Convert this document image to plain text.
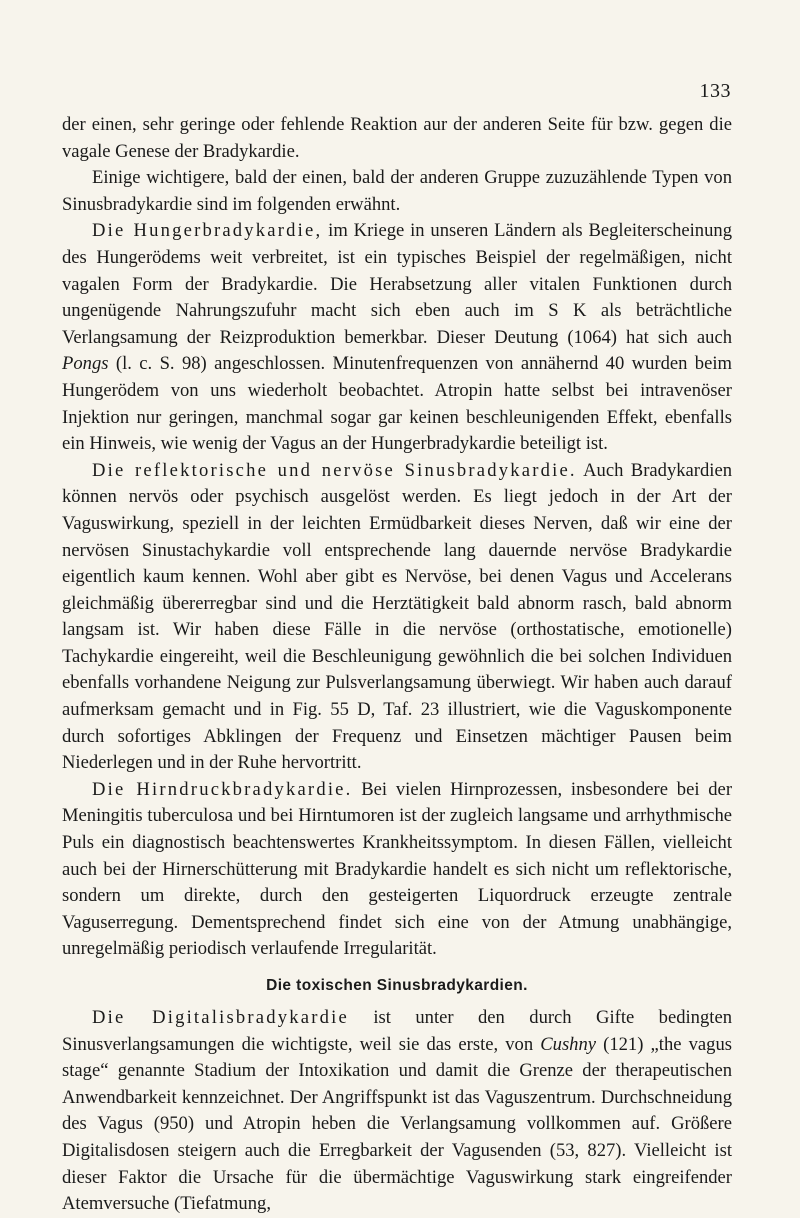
133

der einen, sehr geringe oder fehlende Reaktion aur der anderen Seite für bzw. gegen die vagale Genese der Bradykardie.

Einige wichtigere, bald der einen, bald der anderen Gruppe zuzuzählende Typen von Sinusbradykardie sind im folgenden erwähnt.

Die Hungerbradykardie, im Kriege in unseren Ländern als Begleiterscheinung des Hungerödems weit verbreitet, ist ein typisches Beispiel der regelmäßigen, nicht vagalen Form der Bradykardie. Die Herabsetzung aller vitalen Funktionen durch ungenügende Nahrungszufuhr macht sich eben auch im S K als beträchtliche Verlangsamung der Reizproduktion bemerkbar. Dieser Deutung (1064) hat sich auch Pongs (l. c. S. 98) angeschlossen. Minutenfrequenzen von annähernd 40 wurden beim Hungerödem von uns wiederholt beobachtet. Atropin hatte selbst bei intravenöser Injektion nur geringen, manchmal sogar gar keinen beschleunigenden Effekt, ebenfalls ein Hinweis, wie wenig der Vagus an der Hungerbradykardie beteiligt ist.

Die reflektorische und nervöse Sinusbradykardie. Auch Bradykardien können nervös oder psychisch ausgelöst werden. Es liegt jedoch in der Art der Vaguswirkung, speziell in der leichten Ermüdbarkeit dieses Nerven, daß wir eine der nervösen Sinustachykardie voll entsprechende lang dauernde nervöse Bradykardie eigentlich kaum kennen. Wohl aber gibt es Nervöse, bei denen Vagus und Accelerans gleichmäßig übererregbar sind und die Herztätigkeit bald abnorm rasch, bald abnorm langsam ist. Wir haben diese Fälle in die nervöse (orthostatische, emotionelle) Tachykardie eingereiht, weil die Beschleunigung gewöhnlich die bei solchen Individuen ebenfalls vorhandene Neigung zur Pulsverlangsamung überwiegt. Wir haben auch darauf aufmerksam gemacht und in Fig. 55 D, Taf. 23 illustriert, wie die Vaguskomponente durch sofortiges Abklingen der Frequenz und Einsetzen mächtiger Pausen beim Niederlegen und in der Ruhe hervortritt.

Die Hirndruckbradykardie. Bei vielen Hirnprozessen, insbesondere bei der Meningitis tuberculosa und bei Hirntumoren ist der zugleich langsame und arrhythmische Puls ein diagnostisch beachtenswertes Krankheitssymptom. In diesen Fällen, vielleicht auch bei der Hirnerschütterung mit Bradykardie handelt es sich nicht um reflektorische, sondern um direkte, durch den gesteigerten Liquordruck erzeugte zentrale Vaguserregung. Dementsprechend findet sich eine von der Atmung unabhängige, unregelmäßig periodisch verlaufende Irregularität.

Die toxischen Sinusbradykardien.

Die Digitalisbradykardie ist unter den durch Gifte bedingten Sinusverlangsamungen die wichtigste, weil sie das erste, von Cushny (121) „the vagus stage“ genannte Stadium der Intoxikation und damit die Grenze der therapeutischen Anwendbarkeit kennzeichnet. Der Angriffspunkt ist das Vaguszentrum. Durchschneidung des Vagus (950) und Atropin heben die Verlangsamung vollkommen auf. Größere Digitalisdosen steigern auch die Erregbarkeit der Vagusenden (53, 827). Vielleicht ist dieser Faktor die Ursache für die übermächtige Vaguswirkung stark eingreifender Atemversuche (Tiefatmung,
